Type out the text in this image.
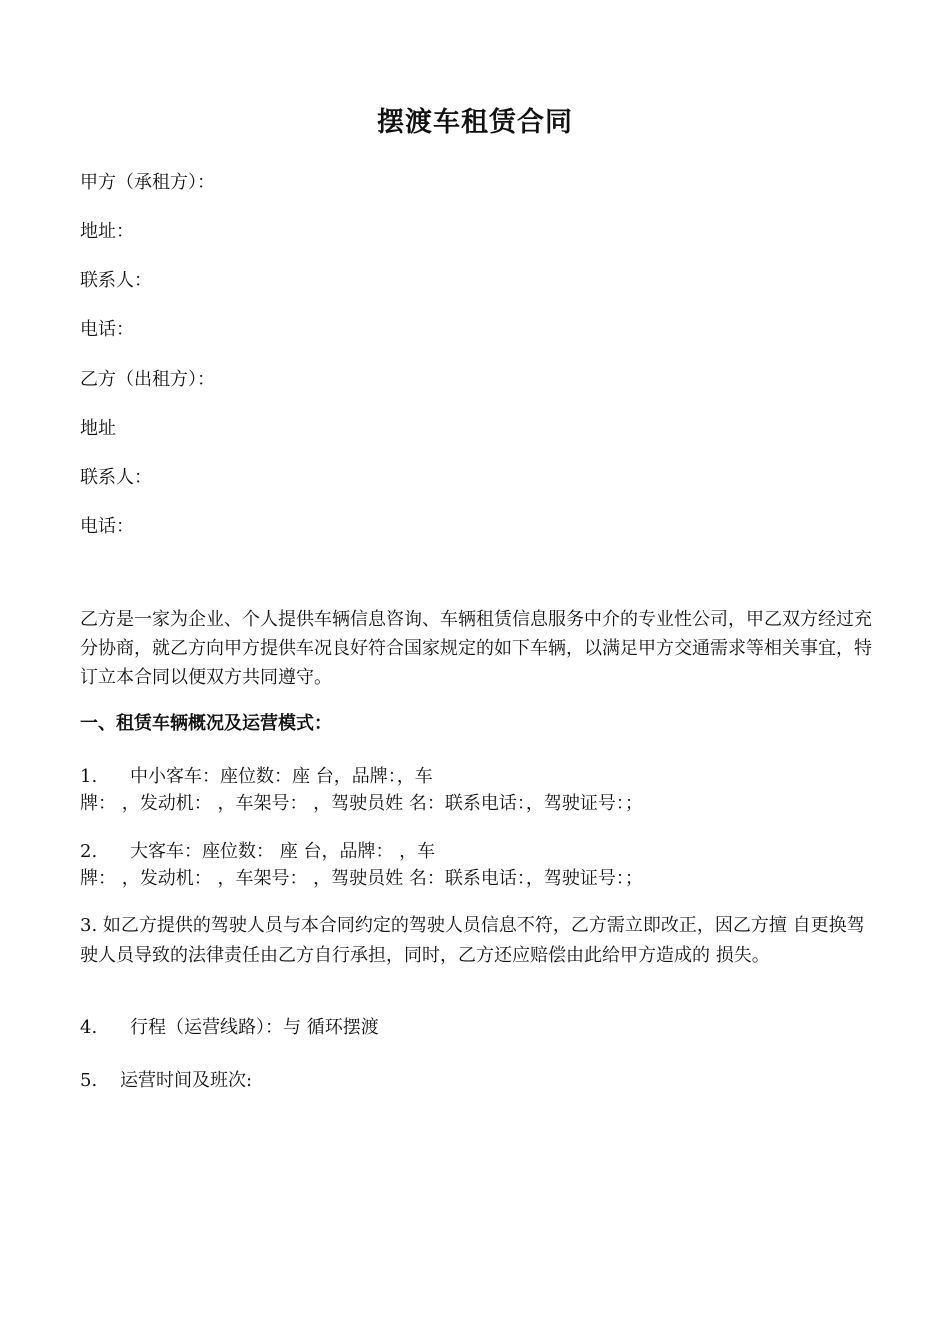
摆渡车租赁合同
甲方（承租方）：
地址：
联系人：
电话：
乙方（出租方）：
地址
联系人：
电话：
乙方是一家为企业、个人提供车辆信息咨询、车辆租赁信息服务中介的专业性公司，甲乙双方经过充分协商，就乙方向甲方提供车况良好符合国家规定的如下车辆，以满足甲方交通需求等相关事宜，特订立本合同以便双方共同遵守。
一、租赁车辆概况及运营模式：
1. 中小客车：座位数：座 台，品牌：，车
牌： ，发动机： ，车架号： ，驾驶员姓 名：联系电话：，驾驶证号：；
2. 大客车：座位数： 座 台，品牌： ，车
牌： ，发动机： ，车架号： ，驾驶员姓 名：联系电话：，驾驶证号：；
3. 如乙方提供的驾驶人员与本合同约定的驾驶人员信息不符，乙方需立即改正，因乙方擅 自更换驾驶人员导致的法律责任由乙方自行承担，同时，乙方还应赔偿由此给甲方造成的 损失。
4. 行程（运营线路）：与 循环摆渡
5. 运营时间及班次:
